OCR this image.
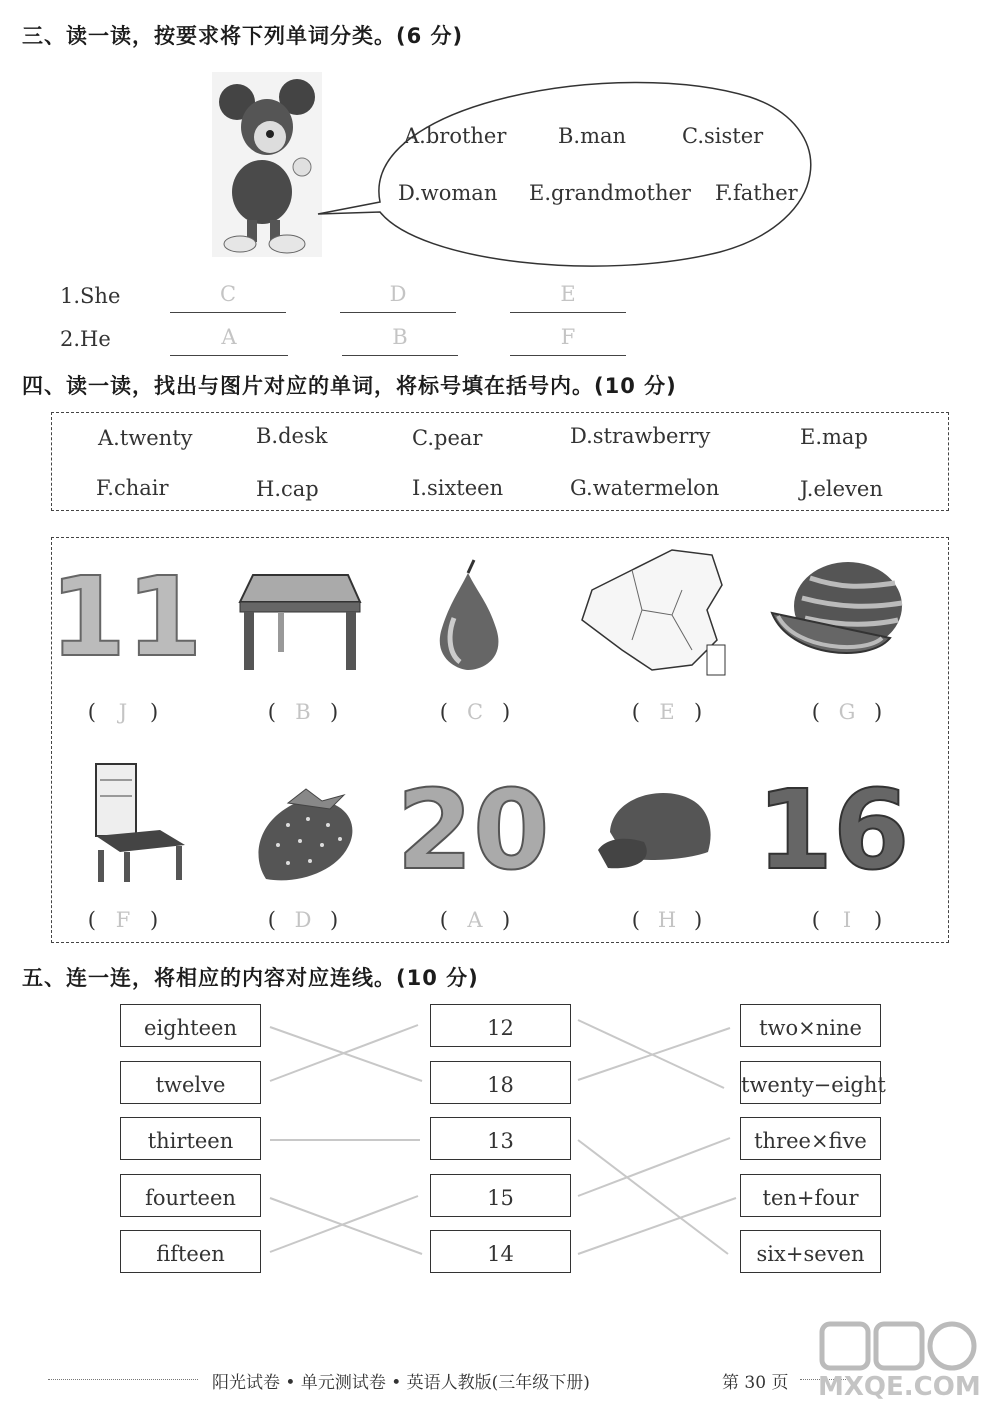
三、读一读，按要求将下列单词分类。(6 分)
A.brother B.man	C.sister
D.woman E.grandmother F.father
1.She	C	D	E
2.He	A	B	F
四、读一读，找出与图片对应的单词，将标号填在括号内。(10 分)
A.twenty	B.desk	C.pear	D.strawberry	E.map
F.chair	H.cap	I.sixteen	G.watermelon	J.eleven
11
( J )	( B )	( C )	( E )	( G )
20 16
( F )	( D )	( A )	( H )	( I )
五、连一连，将相应的内容对应连线。(10 分)
eighteen
twelve
thirteen
fourteen
fifteen
12
18
13
15
14
two×nine
twenty−eight
three×five
ten+four
six+seven
阳光试卷 • 单元测试卷 • 英语人教版(三年级下册)	第 30 页 MXQE.COM
